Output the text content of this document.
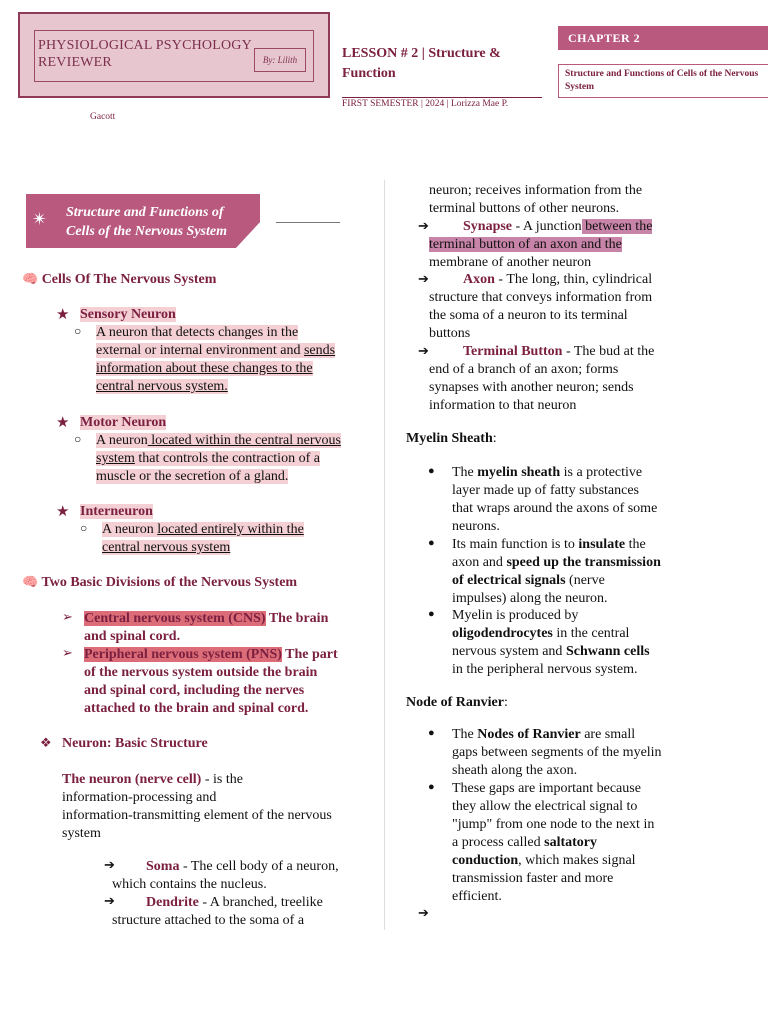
PHYSIOLOGICAL PSYCHOLOGY
REVIEWER	By: Lilith	LESSON # 2 | Structure &
Function
FIRST SEMESTER | 2024 | Lorizza Mae P.
Gacott
CHAPTER 2
Structure and Functions of Cells of the Nervous System
✴ Structure and Functions of
Cells of the Nervous System
🧠 Cells Of The Nervous System
★ Sensory Neuron
○ A neuron that detects changes in the
external or internal environment and sends
information about these changes to the
central nervous system.
★ Motor Neuron
○ A neuron located within the central nervous
system that controls the contraction of a
muscle or the secretion of a gland.
★ Interneuron
○ A neuron located entirely within the
central nervous system
🧠 Two Basic Divisions of the Nervous System
➢ Central nervous system (CNS) The brain
and spinal cord.
➢ Peripheral nervous system (PNS) The part
of the nervous system outside the brain
and spinal cord, including the nerves
attached to the brain and spinal cord.
❖ Neuron: Basic Structure
The neuron (nerve cell) - is the
information-processing and
information-transmitting element of the nervous
system
➔	Soma - The cell body of a neuron,
which contains the nucleus.
➔	Dendrite - A branched, treelike
structure attached to the soma of a
neuron; receives information from the
terminal buttons of other neurons.
➔	Synapse - A junction between the
terminal button of an axon and the
membrane of another neuron
➔	Axon - The long, thin, cylindrical
structure that conveys information from
the soma of a neuron to its terminal
buttons
➔	Terminal Button - The bud at the
end of a branch of an axon; forms
synapses with another neuron; sends
information to that neuron
Myelin Sheath:
● The myelin sheath is a protective
layer made up of fatty substances
that wraps around the axons of some
neurons.
● Its main function is to insulate the
axon and speed up the transmission
of electrical signals (nerve
impulses) along the neuron.
● Myelin is produced by
oligodendrocytes in the central
nervous system and Schwann cells
in the peripheral nervous system.
Node of Ranvier:
● The Nodes of Ranvier are small
gaps between segments of the myelin
sheath along the axon.
● These gaps are important because
they allow the electrical signal to
"jump" from one node to the next in
a process called saltatory
conduction, which makes signal
transmission faster and more
efficient.
➔
